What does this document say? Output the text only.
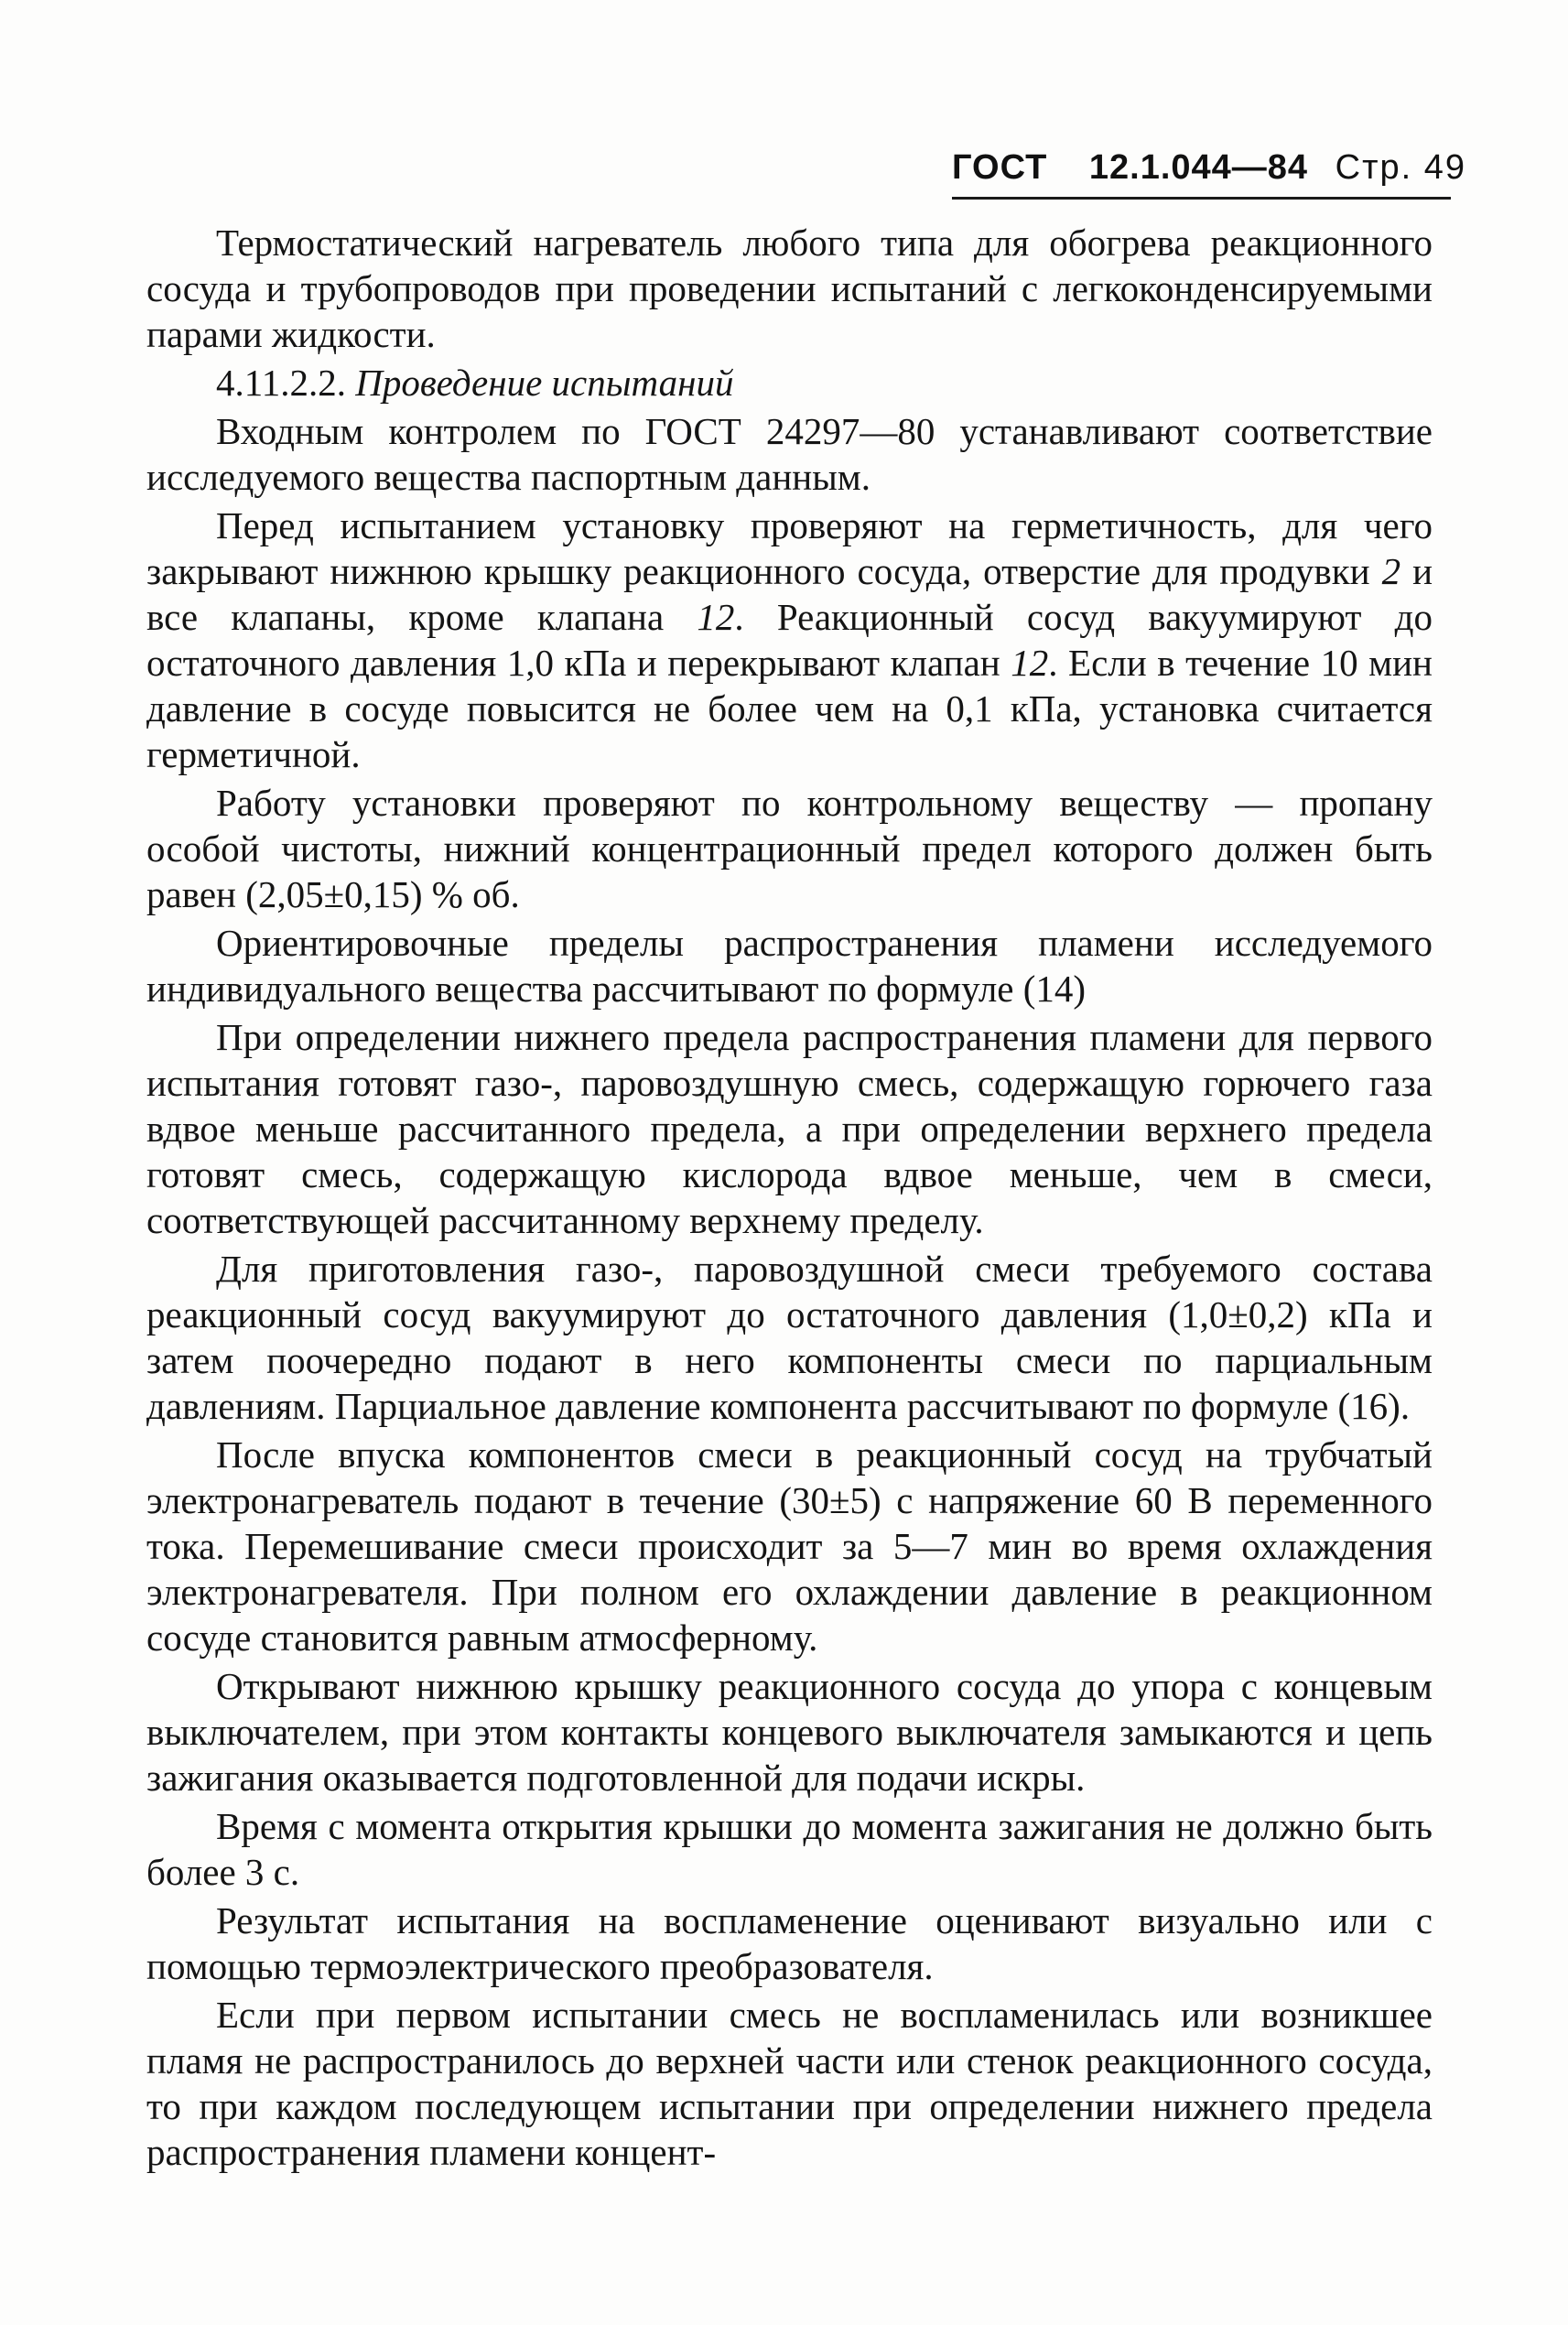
ГОСТ 12.1.044—84 Стр. 49

Термостатический нагреватель любого типа для обогрева реакционного сосуда и трубопроводов при проведении испытаний с легкоконденсируемыми парами жидкости.

4.11.2.2. Проведение испытаний

Входным контролем по ГОСТ 24297—80 устанавливают соответствие исследуемого вещества паспортным данным.

Перед испытанием установку проверяют на герметичность, для чего закрывают нижнюю крышку реакционного сосуда, отверстие для продувки 2 и все клапаны, кроме клапана 12. Реакционный сосуд вакуумируют до остаточного давления 1,0 кПа и перекрывают клапан 12. Если в течение 10 мин давление в сосуде повысится не более чем на 0,1 кПа, установка считается герметичной.

Работу установки проверяют по контрольному веществу — пропану особой чистоты, нижний концентрационный предел которого должен быть равен (2,05±0,15) % об.

Ориентировочные пределы распространения пламени исследуемого индивидуального вещества рассчитывают по формуле (14)

При определении нижнего предела распространения пламени для первого испытания готовят газо-, паровоздушную смесь, содержащую горючего газа вдвое меньше рассчитанного предела, а при определении верхнего предела готовят смесь, содержащую кислорода вдвое меньше, чем в смеси, соответствующей рассчитанному верхнему пределу.

Для приготовления газо-, паровоздушной смеси требуемого состава реакционный сосуд вакуумируют до остаточного давления (1,0±0,2) кПа и затем поочередно подают в него компоненты смеси по парциальным давлениям. Парциальное давление компонента рассчитывают по формуле (16).

После впуска компонентов смеси в реакционный сосуд на трубчатый электронагреватель подают в течение (30±5) с напряжение 60 В переменного тока. Перемешивание смеси происходит за 5—7 мин во время охлаждения электронагревателя. При полном его охлаждении давление в реакционном сосуде становится равным атмосферному.

Открывают нижнюю крышку реакционного сосуда до упора с концевым выключателем, при этом контакты концевого выключателя замыкаются и цепь зажигания оказывается подготовленной для подачи искры.

Время с момента открытия крышки до момента зажигания не должно быть более 3 с.

Результат испытания на воспламенение оценивают визуально или с помощью термоэлектрического преобразователя.

Если при первом испытании смесь не воспламенилась или возникшее пламя не распространилось до верхней части или стенок реакционного сосуда, то при каждом последующем испытании при определении нижнего предела распространения пламени концент-
